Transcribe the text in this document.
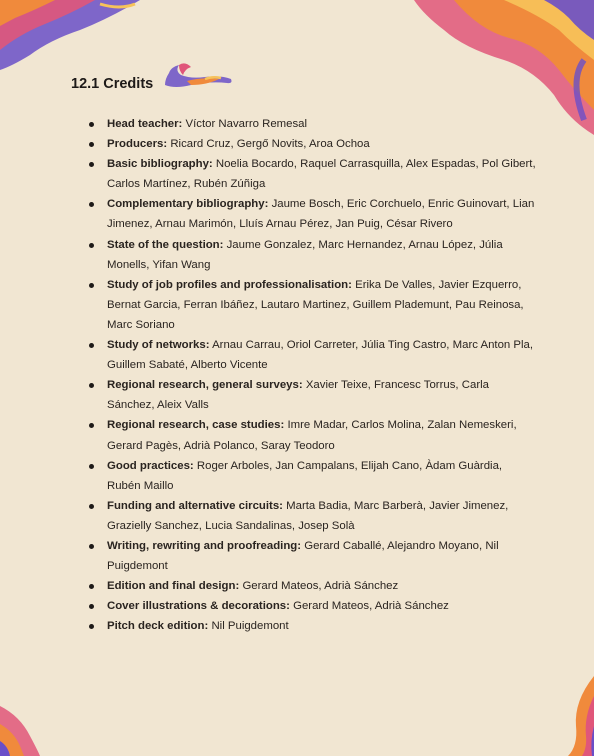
12.1 Credits
Head teacher: Víctor Navarro Remesal
Producers: Ricard Cruz, Gergő Novits, Aroa Ochoa
Basic bibliography: Noelia Bocardo, Raquel Carrasquilla, Alex Espadas, Pol Gibert, Carlos Martínez, Rubén Zúñiga
Complementary bibliography: Jaume Bosch, Eric Corchuelo, Enric Guinovart, Lian Jimenez, Arnau Marimón, Lluís Arnau Pérez, Jan Puig, César Rivero
State of the question: Jaume Gonzalez, Marc Hernandez, Arnau López, Júlia Monells, Yifan Wang
Study of job profiles and professionalisation: Erika De Valles, Javier Ezquerro, Bernat Garcia, Ferran Ibáñez, Lautaro Martinez, Guillem Plademunt, Pau Reinosa, Marc Soriano
Study of networks: Arnau Carrau, Oriol Carreter, Júlia Ting Castro, Marc Anton Pla, Guillem Sabaté, Alberto Vicente
Regional research, general surveys: Xavier Teixe, Francesc Torrus, Carla Sánchez, Aleix Valls
Regional research, case studies: Imre Madar, Carlos Molina, Zalan Nemeskeri, Gerard Pagès, Adrià Polanco, Saray Teodoro
Good practices: Roger Arboles, Jan Campalans, Elijah Cano, Àdam Guàrdia, Rubén Maillo
Funding and alternative circuits: Marta Badia, Marc Barberà, Javier Jimenez, Grazielly Sanchez, Lucia Sandalinas, Josep Solà
Writing, rewriting and proofreading: Gerard Caballé, Alejandro Moyano, Nil Puigdemont
Edition and final design: Gerard Mateos, Adrià Sánchez
Cover illustrations & decorations: Gerard Mateos, Adrià Sánchez
Pitch deck edition: Nil Puigdemont
